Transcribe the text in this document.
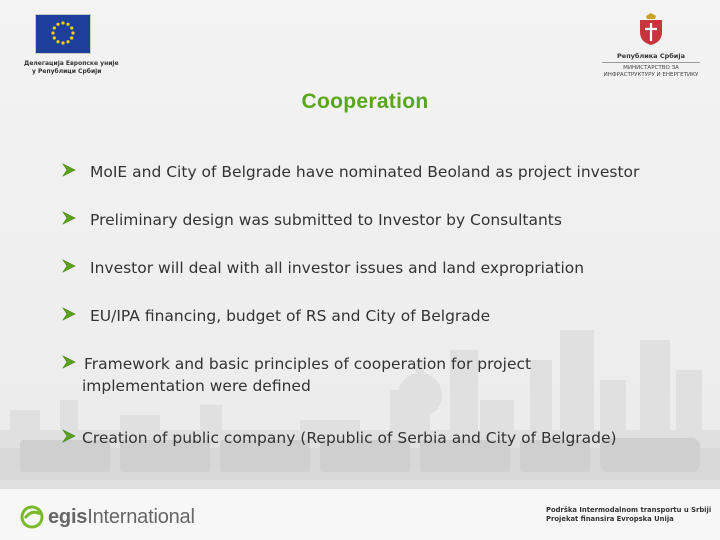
Делегација Европске уније
у Републици Србији
Република Србија
МИНИСТАРСТВО ЗА
ИНФРАСТРУКТУРУ И ЕНЕРГЕТИКУ
Cooperation
MoIE and City of Belgrade have nominated Beoland as project investor
Preliminary design was submitted to Investor by Consultants
Investor will deal with all investor issues and land expropriation
EU/IPA financing, budget of RS and City of Belgrade
Framework and basic principles of cooperation for project
implementation were defined
Creation of public company (Republic of Serbia and City of Belgrade)
egisInternational	Podrška Intermodalnom transportu u Srbiji
Projekat finansira Evropska Unija
